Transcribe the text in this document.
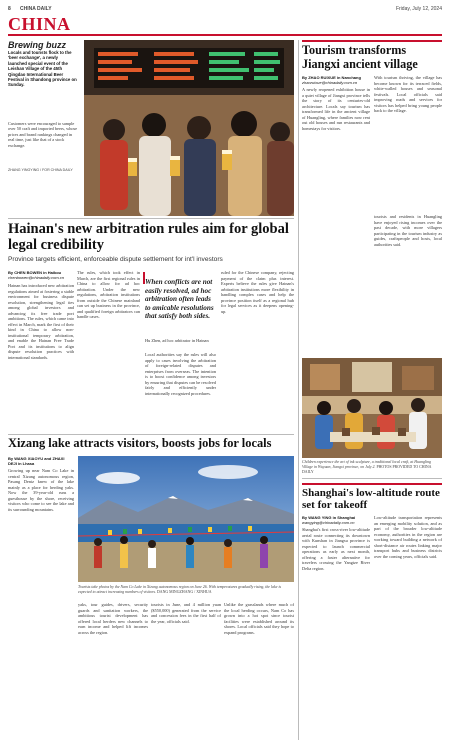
8 CHINA DAILY	Friday, July 12, 2024
CHINA
Brewing buzz
Locals and tourists flock to the 'beer exchange', a newly launched special event of the Leishan Village of the 45th Qingdao International Beer Festival in Shandong province on Sunday.
Customers were encouraged to sample over 50 craft and imported beers, whose prices and brand rankings changed in real time, just like that of a stock exchange.
ZHANG YINGYING / FOR CHINA DAILY
Hainan's new arbitration rules aim for global legal credibility
Province targets efficient, enforceable dispute settlement for int'l investors
By CHEN BOWEN in Haikou
chenbowen@chinadaily.com.cn
Hainan has introduced new arbitration regulations aimed at fostering a stable environment for business dispute resolution, strengthening legal ties among global investors and advancing its free trade port ambitions. The rules, which came into effect in March, mark the first of their kind in China to allow non-institutional temporary arbitration, and enable the Hainan Free Trade Port and its institutions to align dispute resolution practices with international standards.
The rules, which took effect in March, are the first regional rules in China to allow for ad hoc arbitration. Under the new regulations, arbitration institutions from outside the Chinese mainland can set up business in the province, and qualified foreign arbitrators can handle cases.
When conflicts are not easily resolved, ad hoc arbitration often leads to amicable resolutions that satisfy both sides.
Hu Zhen, ad hoc arbitrator in Hainan
Local authorities say the rules will also apply to cases involving the arbitration of foreign-related disputes and enterprises from overseas. The intention is to boost confidence among investors by ensuring that disputes can be resolved fairly and efficiently under internationally recognized procedures.
ruled for the Chinese company, rejecting payment of the claim plus interest. Experts believe the rules give Hainan's arbitration institutions more flexibility in handling complex cases and help the province position itself as a regional hub for legal services as it deepens opening-up.
Xizang lake attracts visitors, boosts jobs for locals
By WANG XIAOYU and ZHAXI DEJI in Lhasa
Growing up near Nam Co Lake in central Xizang autonomous region, Pasang Deniz knew of the lake mainly as a place for herding yaks. Now the 39-year-old runs a guesthouse by the shore, receiving visitors who come to see the lake and its surrounding mountains.
Tourists take photos by the Nam Co Lake in Xizang autonomous region on June 26. With temperatures gradually rising, the lake is expected to attract increasing numbers of visitors. DANG MINGZHANG / XINHUA
yaks, tour guides, drivers, security guards and sanitation workers, the ambitious tourist development has offered local herders new channels to earn income and helped lift incomes across the region.
tourists in June, and 4 million yuan ($550,000) generated from the service and concession fees in the first half of the year, officials said.
Unlike the grasslands where much of the local herding occurs, Nam Co has grown into a hot spot since tourist facilities were established around its shores. Local officials said they hope to expand programs.
Tourism transforms Jiangxi ancient village
By ZHAO RUIXUE in Nanchang
zhaoruixue@chinadaily.com.cn
A newly reopened exhibition house in a quiet village of Jiangxi province tells the story of its centuries-old architecture. Locals say tourism has transformed life in the ancient village of Huangling, where families now rent out old houses and run restaurants and homestays for visitors.
With tourism thriving, the village has become known for its terraced fields, white-walled houses and seasonal festivals. Local officials said improving roads and services for visitors has helped bring young people back to the village.
tourists and residents in Huangling have enjoyed rising incomes over the past decade, with more villagers participating in the tourism industry as guides, craftspeople and hosts, local authorities said.
Children experience the art of ink sculpture, a traditional local craft, at Huangling Village in Wuyuan, Jiangxi province, on July 2. PHOTOS PROVIDED TO CHINA DAILY
Shanghai's low-altitude route set for takeoff
By WANG YING in Shanghai
wangying@chinadaily.com.cn
Shanghai's first cross-river low-altitude aerial route connecting its downtown with Kunshan in Jiangsu province is expected to launch commercial operations as early as next month, offering a faster alternative for travelers crossing the Yangtze River Delta region.
Low-altitude transportation represents an emerging mobility solution, and as part of the broader low-altitude economy, authorities in the region are working toward building a network of short-distance air routes linking major transport hubs and business districts over the coming years, officials said.
